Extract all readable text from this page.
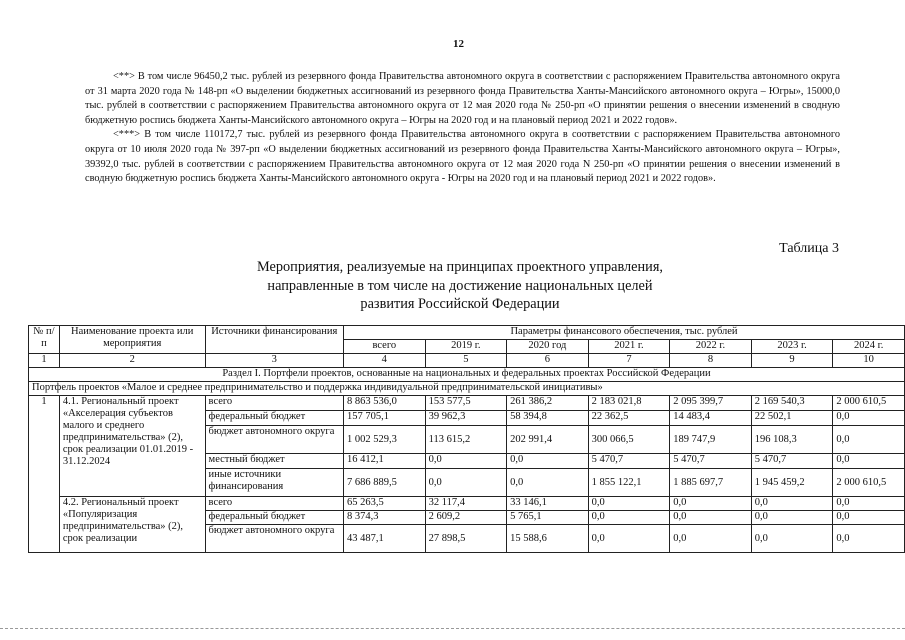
12

<**> В том числе 96450,2 тыс. рублей из резервного фонда Правительства автономного округа в соответствии с распоряжением Правительства автономного округа от 31 марта 2020 года № 148-рп «О выделении бюджетных ассигнований из резервного фонда Правительства Ханты-Мансийского автономного округа – Югры», 15000,0 тыс. рублей в соответствии с распоряжением Правительства автономного округа от 12 мая 2020 года № 250-рп «О принятии решения о внесении изменений в сводную бюджетную роспись бюджета Ханты-Мансийского автономного округа – Югры на 2020 год и на плановый период 2021 и 2022 годов».

<***> В том числе 110172,7 тыс. рублей из резервного фонда Правительства автономного округа в соответствии с распоряжением Правительства автономного округа от 10 июля 2020 года № 397-рп «О выделении бюджетных ассигнований из резервного фонда Правительства Ханты-Мансийского автономного округа – Югры», 39392,0 тыс. рублей в соответствии с распоряжением Правительства автономного округа от 12 мая 2020 года N 250-рп «О принятии решения о внесении изменений в сводную бюджетную роспись бюджета Ханты-Мансийского автономного округа - Югры на 2020 год и на плановый период 2021 и 2022 годов».

Таблица 3
Мероприятия, реализуемые на принципах проектного управления,
направленные в том числе на достижение национальных целей
развития Российской Федерации
№ п/п	Наименование проекта или мероприятия	Источники финансирования	Параметры финансового обеспечения, тыс. рублей						
			всего	2019 г.	2020 год	2021 г.	2022 г.	2023 г.	2024 г.
1	2	3	4	5	6	7	8	9	10
Раздел I. Портфели проектов, основанные на национальных и федеральных проектах Российской Федерации									
Портфель проектов «Малое и среднее предпринимательство и поддержка индивидуальной предпринимательской инициативы»									
1	4.1. Региональный проект «Акселерация субъектов малого и среднего предпринимательства» (2), срок реализации 01.01.2019 - 31.12.2024	всего	8 863 536,0	153 577,5	261 386,2	2 183 021,8	2 095 399,7	2 169 540,3	2 000 610,5
		федеральный бюджет	157 705,1	39 962,3	58 394,8	22 362,5	14 483,4	22 502,1	0,0
		бюджет автономного округа	1 002 529,3	113 615,2	202 991,4	300 066,5	189 747,9	196 108,3	0,0
		местный бюджет	16 412,1	0,0	0,0	5 470,7	5 470,7	5 470,7	0,0
		иные источники финансирования	7 686 889,5	0,0	0,0	1 855 122,1	1 885 697,7	1 945 459,2	2 000 610,5
	4.2. Региональный проект «Популяризация предпринимательства» (2), срок реализации	всего	65 263,5	32 117,4	33 146,1	0,0	0,0	0,0	0,0
		федеральный бюджет	8 374,3	2 609,2	5 765,1	0,0	0,0	0,0	0,0
		бюджет автономного округа	43 487,1	27 898,5	15 588,6	0,0	0,0	0,0	0,0
